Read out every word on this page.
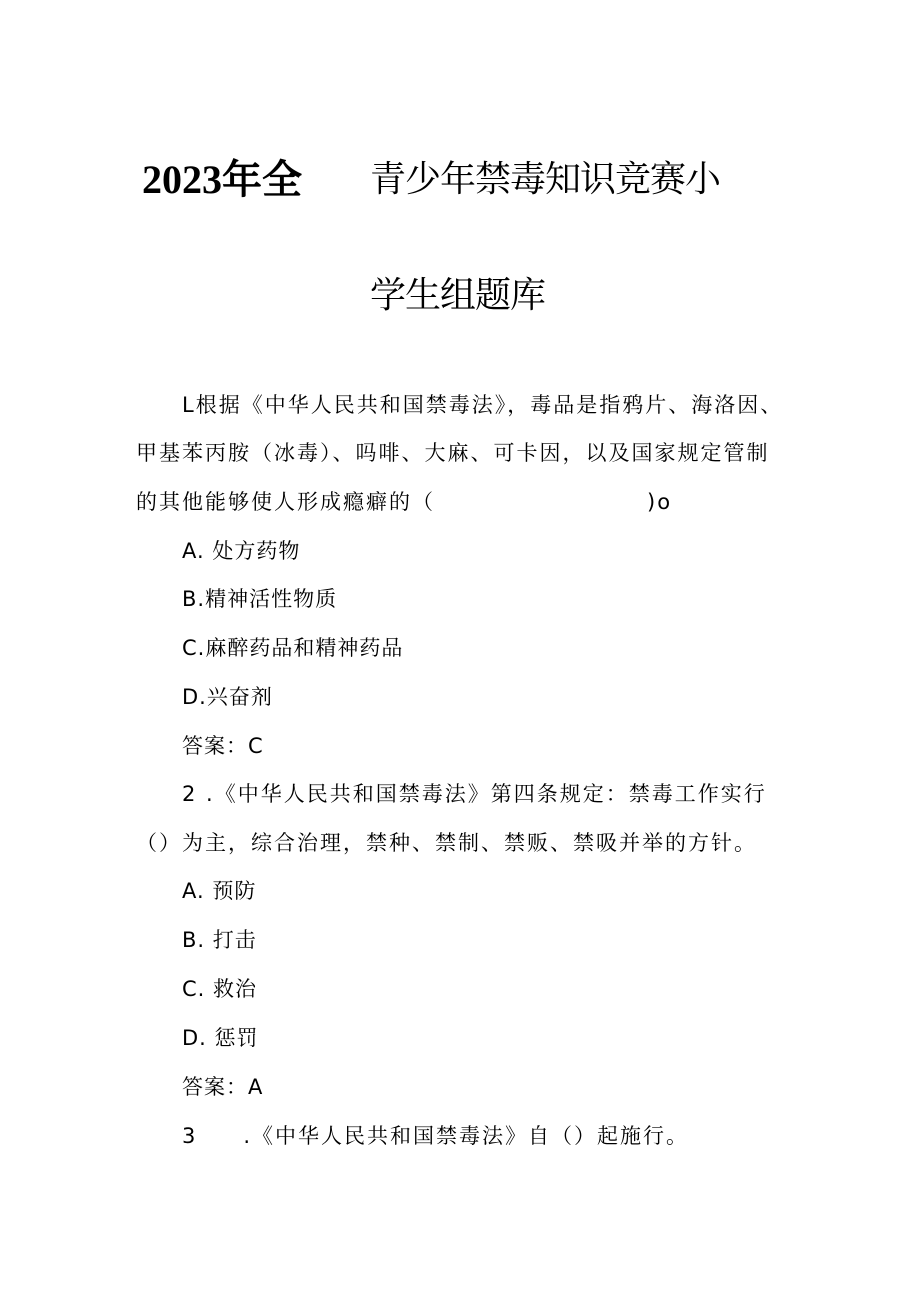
2023年全 青少年禁毒知识竞赛小
学生组题库
L根据《中华人民共和国禁毒法》，毒品是指鸦片、海洛因、
甲基苯丙胺（冰毒）、吗啡、大麻、可卡因，以及国家规定管制
的其他能够使人形成瘾癖的（	)o
A. 处方药物
B.精神活性物质
C.麻醉药品和精神药品
D.兴奋剂
答案：C
2 .《中华人民共和国禁毒法》第四条规定：禁毒工作实行
（）为主，综合治理，禁种、禁制、禁贩、禁吸并举的方针。
A. 预防
B. 打击
C. 救治
D. 惩罚
答案：A
3 .《中华人民共和国禁毒法》自（）起施行。
